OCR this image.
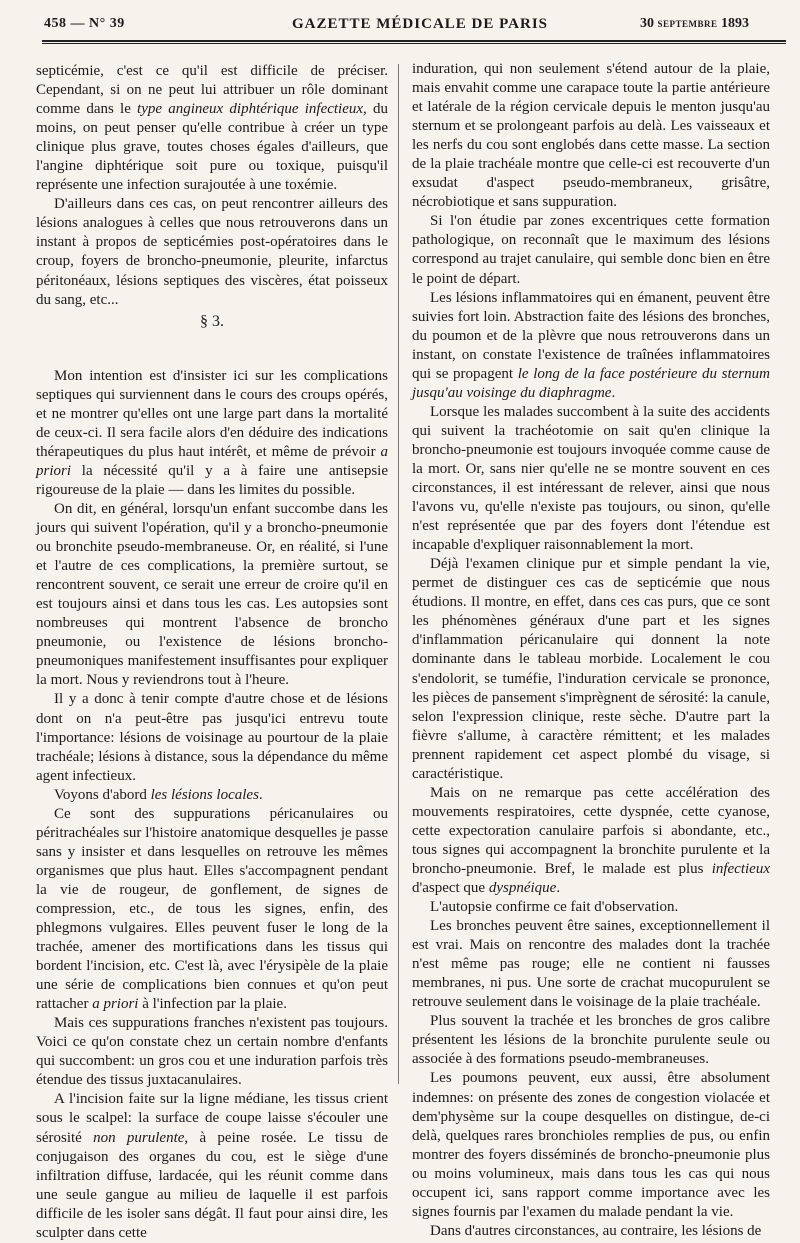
458 — N° 39	GAZETTE MÉDICALE DE PARIS	30 SEPTEMBRE 1893

septicémie, c'est ce qu'il est difficile de préciser. Cependant, si on ne peut lui attribuer un rôle dominant comme dans le type angineux diphtérique infectieux, du moins, on peut penser qu'elle contribue à créer un type clinique plus grave, toutes choses égales d'ailleurs, que l'angine diphtérique soit pure ou toxique, puisqu'il représente une infection surajoutée à une toxémie.

D'ailleurs dans ces cas, on peut rencontrer ailleurs des lésions analogues à celles que nous retrouverons dans un instant à propos de septicémies post-opératoires dans le croup, foyers de broncho-pneumonie, pleurite, infarctus péritonéaux, lésions septiques des viscères, état poisseux du sang, etc...

§ 3.

Mon intention est d'insister ici sur les complications septiques qui surviennent dans le cours des croups opérés, et ne montrer qu'elles ont une large part dans la mortalité de ceux-ci. Il sera facile alors d'en déduire des indications thérapeutiques du plus haut intérêt, et même de prévoir a priori la nécessité qu'il y a à faire une antisepsie rigoureuse de la plaie — dans les limites du possible.

On dit, en général, lorsqu'un enfant succombe dans les jours qui suivent l'opération, qu'il y a broncho-pneumonie ou bronchite pseudo-membraneuse. Or, en réalité, si l'une et l'autre de ces complications, la première surtout, se rencontrent souvent, ce serait une erreur de croire qu'il en est toujours ainsi et dans tous les cas. Les autopsies sont nombreuses qui montrent l'absence de broncho pneumonie, ou l'existence de lésions broncho-pneumoniques manifestement insuffisantes pour expliquer la mort. Nous y reviendrons tout à l'heure.

Il y a donc à tenir compte d'autre chose et de lésions dont on n'a peut-être pas jusqu'ici entrevu toute l'importance: lésions de voisinage au pourtour de la plaie trachéale; lésions à distance, sous la dépendance du même agent infectieux.

Voyons d'abord les lésions locales.

Ce sont des suppurations péricanulaires ou péritrachéales sur l'histoire anatomique desquelles je passe sans y insister et dans lesquelles on retrouve les mêmes organismes que plus haut. Elles s'accompagnent pendant la vie de rougeur, de gonflement, de signes de compression, etc., de tous les signes, enfin, des phlegmons vulgaires. Elles peuvent fuser le long de la trachée, amener des mortifications dans les tissus qui bordent l'incision, etc. C'est là, avec l'érysipèle de la plaie une série de complications bien connues et qu'on peut rattacher a priori à l'infection par la plaie.

Mais ces suppurations franches n'existent pas toujours. Voici ce qu'on constate chez un certain nombre d'enfants qui succombent: un gros cou et une induration parfois très étendue des tissus juxtacanulaires.

A l'incision faite sur la ligne médiane, les tissus crient sous le scalpel: la surface de coupe laisse s'écouler une sérosité non purulente, à peine rosée. Le tissu de conjugaison des organes du cou, est le siège d'une infiltration diffuse, lardacée, qui les réunit comme dans une seule gangue au milieu de laquelle il est parfois difficile de les isoler sans dégât. Il faut pour ainsi dire, les sculpter dans cette

induration, qui non seulement s'étend autour de la plaie, mais envahit comme une carapace toute la partie antérieure et latérale de la région cervicale depuis le menton jusqu'au sternum et se prolongeant parfois au delà. Les vaisseaux et les nerfs du cou sont englobés dans cette masse. La section de la plaie trachéale montre que celle-ci est recouverte d'un exsudat d'aspect pseudo-membraneux, grisâtre, nécrobiotique et sans suppuration.

Si l'on étudie par zones excentriques cette formation pathologique, on reconnaît que le maximum des lésions correspond au trajet canulaire, qui semble donc bien en être le point de départ.

Les lésions inflammatoires qui en émanent, peuvent être suivies fort loin. Abstraction faite des lésions des bronches, du poumon et de la plèvre que nous retrouverons dans un instant, on constate l'existence de traînées inflammatoires qui se propagent le long de la face postérieure du sternum jusqu'au voisinge du diaphragme.

Lorsque les malades succombent à la suite des accidents qui suivent la trachéotomie on sait qu'en clinique la broncho-pneumonie est toujours invoquée comme cause de la mort. Or, sans nier qu'elle ne se montre souvent en ces circonstances, il est intéressant de relever, ainsi que nous l'avons vu, qu'elle n'existe pas toujours, ou sinon, qu'elle n'est représentée que par des foyers dont l'étendue est incapable d'expliquer raisonnablement la mort.

Déjà l'examen clinique pur et simple pendant la vie, permet de distinguer ces cas de septicémie que nous étudions. Il montre, en effet, dans ces cas purs, que ce sont les phénomènes généraux d'une part et les signes d'inflammation péricanulaire qui donnent la note dominante dans le tableau morbide. Localement le cou s'endolorit, se tuméfie, l'induration cervicale se prononce, les pièces de pansement s'imprègnent de sérosité: la canule, selon l'expression clinique, reste sèche. D'autre part la fièvre s'allume, à caractère rémittent; et les malades prennent rapidement cet aspect plombé du visage, si caractéristique.

Mais on ne remarque pas cette accélération des mouvements respiratoires, cette dyspnée, cette cyanose, cette expectoration canulaire parfois si abondante, etc., tous signes qui accompagnent la bronchite purulente et la broncho-pneumonie. Bref, le malade est plus infectieux d'aspect que dyspnéique.

L'autopsie confirme ce fait d'observation.

Les bronches peuvent être saines, exceptionnellement il est vrai. Mais on rencontre des malades dont la trachée n'est même pas rouge; elle ne contient ni fausses membranes, ni pus. Une sorte de crachat mucopurulent se retrouve seulement dans le voisinage de la plaie trachéale.

Plus souvent la trachée et les bronches de gros calibre présentent les lésions de la bronchite purulente seule ou associée à des formations pseudo-membraneuses.

Les poumons peuvent, eux aussi, être absolument indemnes: on présente des zones de congestion violacée et dem'physème sur la coupe desquelles on distingue, de-ci delà, quelques rares bronchioles remplies de pus, ou enfin montrer des foyers disséminés de broncho-pneumonie plus ou moins volumineux, mais dans tous les cas qui nous occupent ici, sans rapport comme importance avec les signes fournis par l'examen du malade pendant la vie.

Dans d'autres circonstances, au contraire, les lésions de
